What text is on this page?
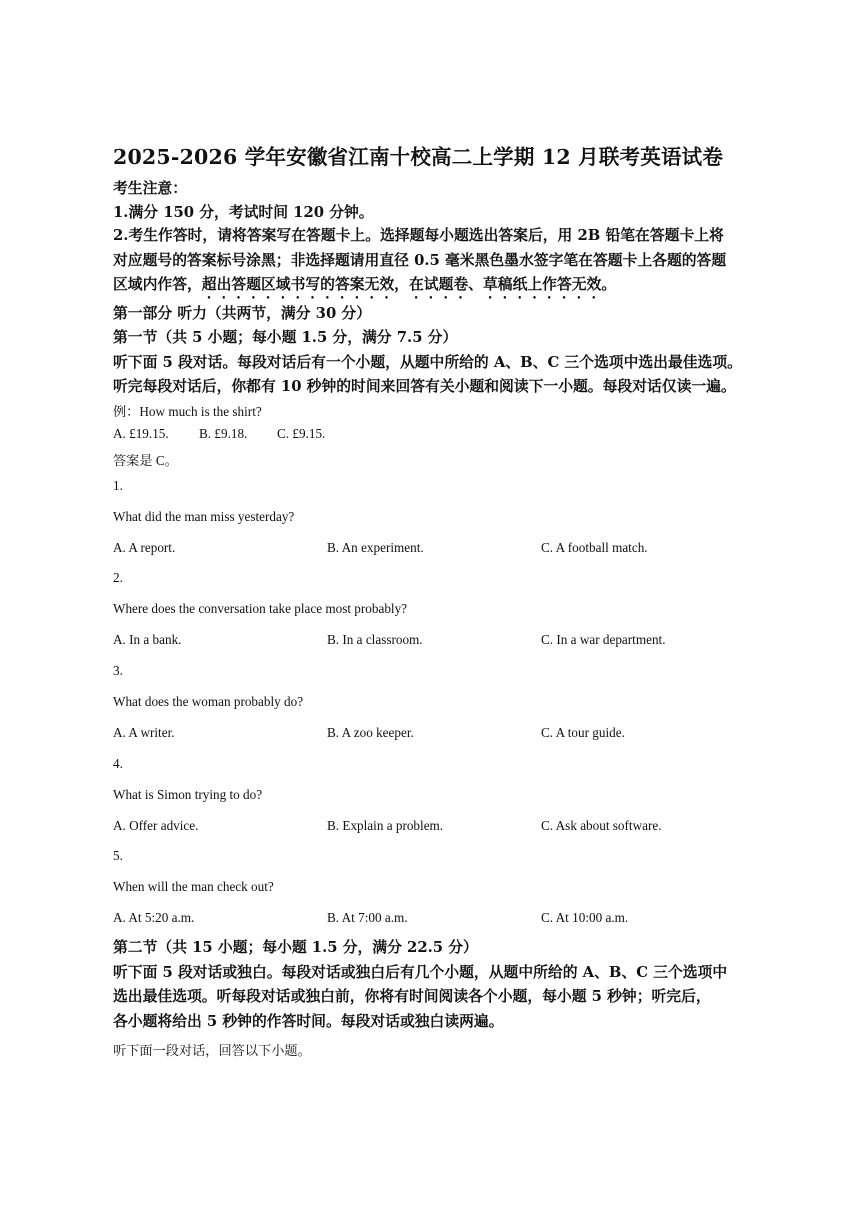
2025-2026 学年安徽省江南十校高二上学期 12 月联考英语试卷
考生注意：
1.满分 150 分，考试时间 120 分钟。
2.考生作答时，请将答案写在答题卡上。选择题每小题选出答案后，用 2B 铅笔在答题卡上将
对应题号的答案标号涂黑；非选择题请用直径 0.5 毫米黑色墨水签字笔在答题卡上各题的答题
区域内作答，超出答题区域书写的答案无效，在试题卷、草稿纸上作答无效。
第一部分 听力（共两节，满分 30 分）
第一节（共 5 小题；每小题 1.5 分，满分 7.5 分）
听下面 5 段对话。每段对话后有一个小题，从题中所给的 A、B、C 三个选项中选出最佳选项。
听完每段对话后，你都有 10 秒钟的时间来回答有关小题和阅读下一小题。每段对话仅读一遍。
例：How much is the shirt?
A. £19.15. B. £9.18. C. £9.15.
答案是 C。
1.
What did the man miss yesterday?
A. A report.	B. An experiment.	C. A football match.
2.
Where does the conversation take place most probably?
A. In a bank.	B. In a classroom.	C. In a war department.
3.
What does the woman probably do?
A. A writer.	B. A zoo keeper.	C. A tour guide.
4.
What is Simon trying to do?
A. Offer advice.	B. Explain a problem.	C. Ask about software.
5.
When will the man check out?
A. At 5:20 a.m.	B. At 7:00 a.m.	C. At 10:00 a.m.
第二节（共 15 小题；每小题 1.5 分，满分 22.5 分）
听下面 5 段对话或独白。每段对话或独白后有几个小题，从题中所给的 A、B、C 三个选项中
选出最佳选项。听每段对话或独白前，你将有时间阅读各个小题，每小题 5 秒钟；听完后，
各小题将给出 5 秒钟的作答时间。每段对话或独白读两遍。
听下面一段对话，回答以下小题。
